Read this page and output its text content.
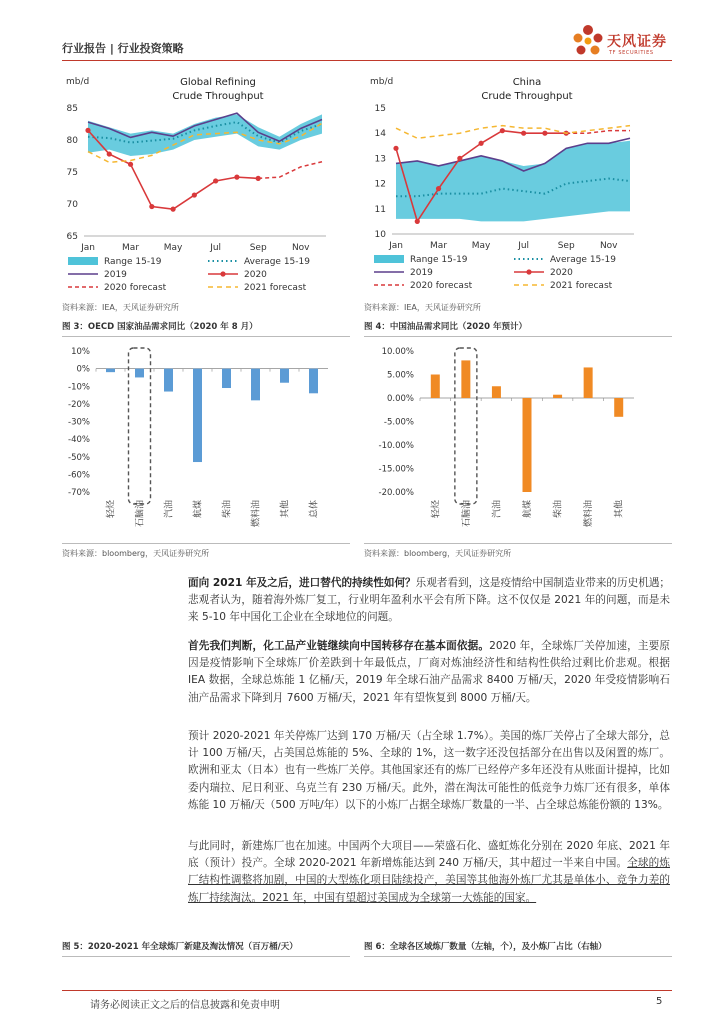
行业报告 | 行业投资策略	天风证券
TF SECURITIES
mb/d	Global Refining
Crude Throughput
85
80
75
70
65
Jan	Mar	May	Jul	Sep	Nov
Range 15-19	Average 15-19
2019	2020
2020 forecast	2021 forecast
mb/d	China
Crude Throughput
15
14
13
12
11
10
Jan	Mar	May	Jul	Sep	Nov
Range 15-19	Average 15-19
2019	2020
2020 forecast	2021 forecast
资料来源：IEA，天风证券研究所	资料来源：IEA，天风证券研究所
图 3：OECD 国家油品需求同比（2020 年 8 月）	图 4：中国油品需求同比（2020 年预计）
10%
0%
-10%
-20%
-30%
-40%
-50%
-60%
-70%
轻烃 石脑油 汽油 航煤 柴油 燃料油 其他 总体
10.00%
5.00%
0.00%
-5.00%
-10.00%
-15.00%
-20.00%
轻烃 石脑油 汽油 航煤 柴油 燃料油 其他
资料来源：bloomberg，天风证券研究所	资料来源：bloomberg，天风证券研究所
面向 2021 年及之后，进口替代的持续性如何？乐观者看到，这是疫情给中国制造业带来的历史机遇；悲观者认为，随着海外炼厂复工，行业明年盈利水平会有所下降。这不仅仅是 2021 年的问题，而是未来 5-10 年中国化工企业在全球地位的问题。
首先我们判断，化工品产业链继续向中国转移存在基本面依据。2020 年，全球炼厂关停加速，主要原因是疫情影响下全球炼厂价差跌到十年最低点，厂商对炼油经济性和结构性供给过剩比价悲观。根据 IEA 数据，全球总炼能 1 亿桶/天，2019 年全球石油产品需求 8400 万桶/天，2020 年受疫情影响石油产品需求下降到月 7600 万桶/天，2021 年有望恢复到 8000 万桶/天。
预计 2020-2021 年关停炼厂达到 170 万桶/天（占全球 1.7%）。美国的炼厂关停占了全球大部分，总计 100 万桶/天，占美国总炼能的 5%、全球的 1%，这一数字还没包括部分在出售以及闲置的炼厂。欧洲和亚太（日本）也有一些炼厂关停。其他国家还有的炼厂已经停产多年还没有从账面计提掉，比如委内瑞拉、尼日利亚、乌克兰有 230 万桶/天。此外，潜在淘汰可能性的低竞争力炼厂还有很多，单体炼能 10 万桶/天（500 万吨/年）以下的小炼厂占据全球炼厂数量的一半、占全球总炼能份额的 13%。
与此同时，新建炼厂也在加速。中国两个大项目——荣盛石化、盛虹炼化分别在 2020 年底、2021 年底（预计）投产。全球 2020-2021 年新增炼能达到 240 万桶/天，其中超过一半来自中国。全球的炼厂结构性调整将加剧，中国的大型炼化项目陆续投产，美国等其他海外炼厂尤其是单体小、竞争力差的炼厂持续淘汰。2021 年，中国有望超过美国成为全球第一大炼能的国家。
图 5：2020-2021 年全球炼厂新建及淘汰情况（百万桶/天）	图 6：全球各区域炼厂数量（左轴，个），及小炼厂占比（右轴）
请务必阅读正文之后的信息披露和免责申明	5
